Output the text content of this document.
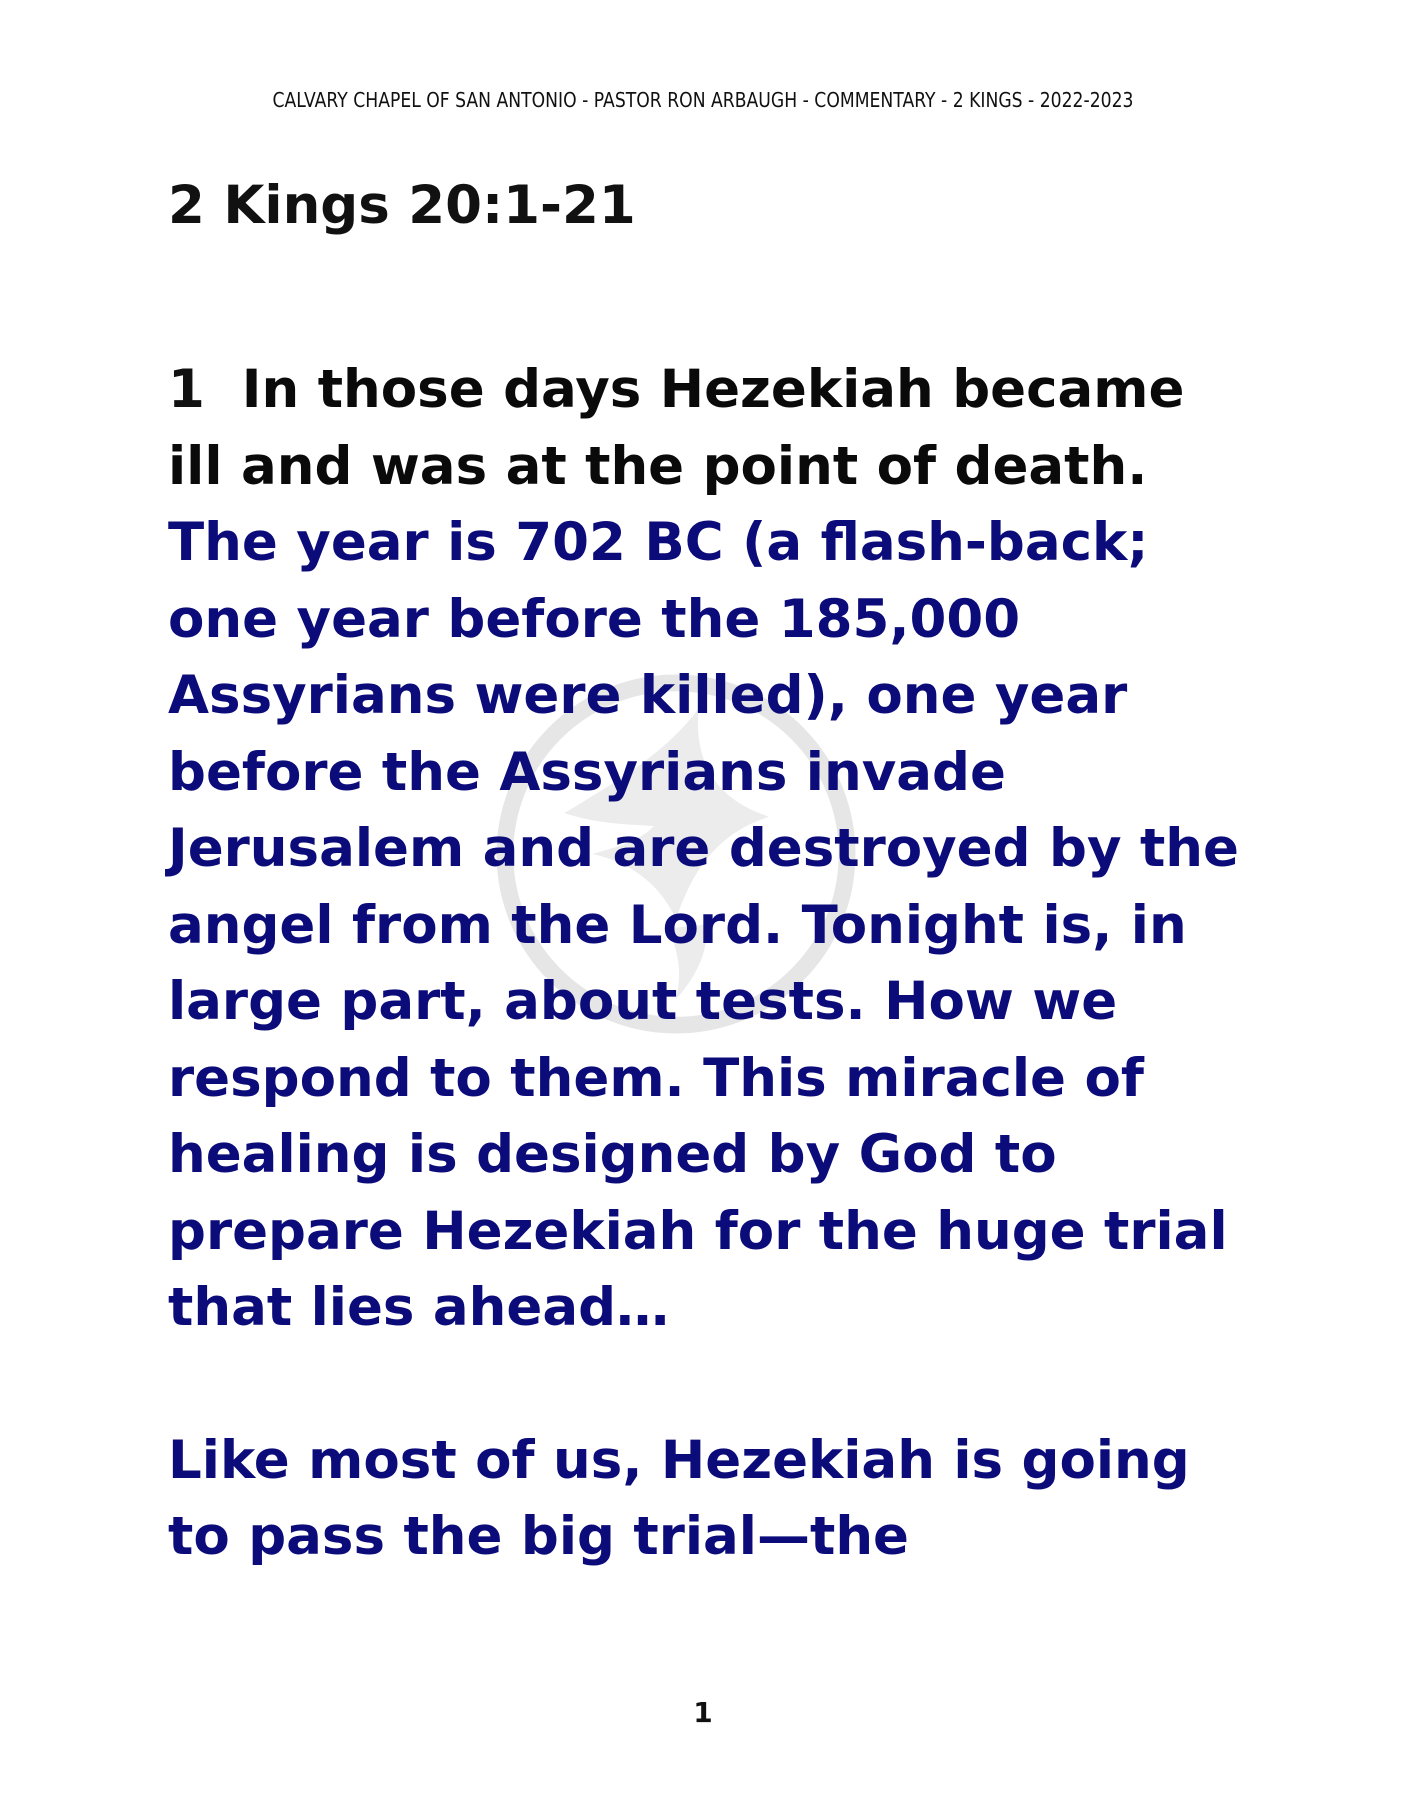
CALVARY CHAPEL OF SAN ANTONIO - PASTOR RON ARBAUGH - COMMENTARY - 2 KINGS - 2022-2023
2 Kings 20:1-21

1 In those days Hezekiah became ill and was at the point of death. The year is 702 BC (a flash-back; one year before the 185,000 Assyrians were killed), one year before the Assyrians invade Jerusalem and are destroyed by the angel from the Lord. Tonight is, in large part, about tests. How we respond to them. This miracle of healing is designed by God to prepare Hezekiah for the huge trial that lies ahead…

Like most of us, Hezekiah is going to pass the big trial—the

1
